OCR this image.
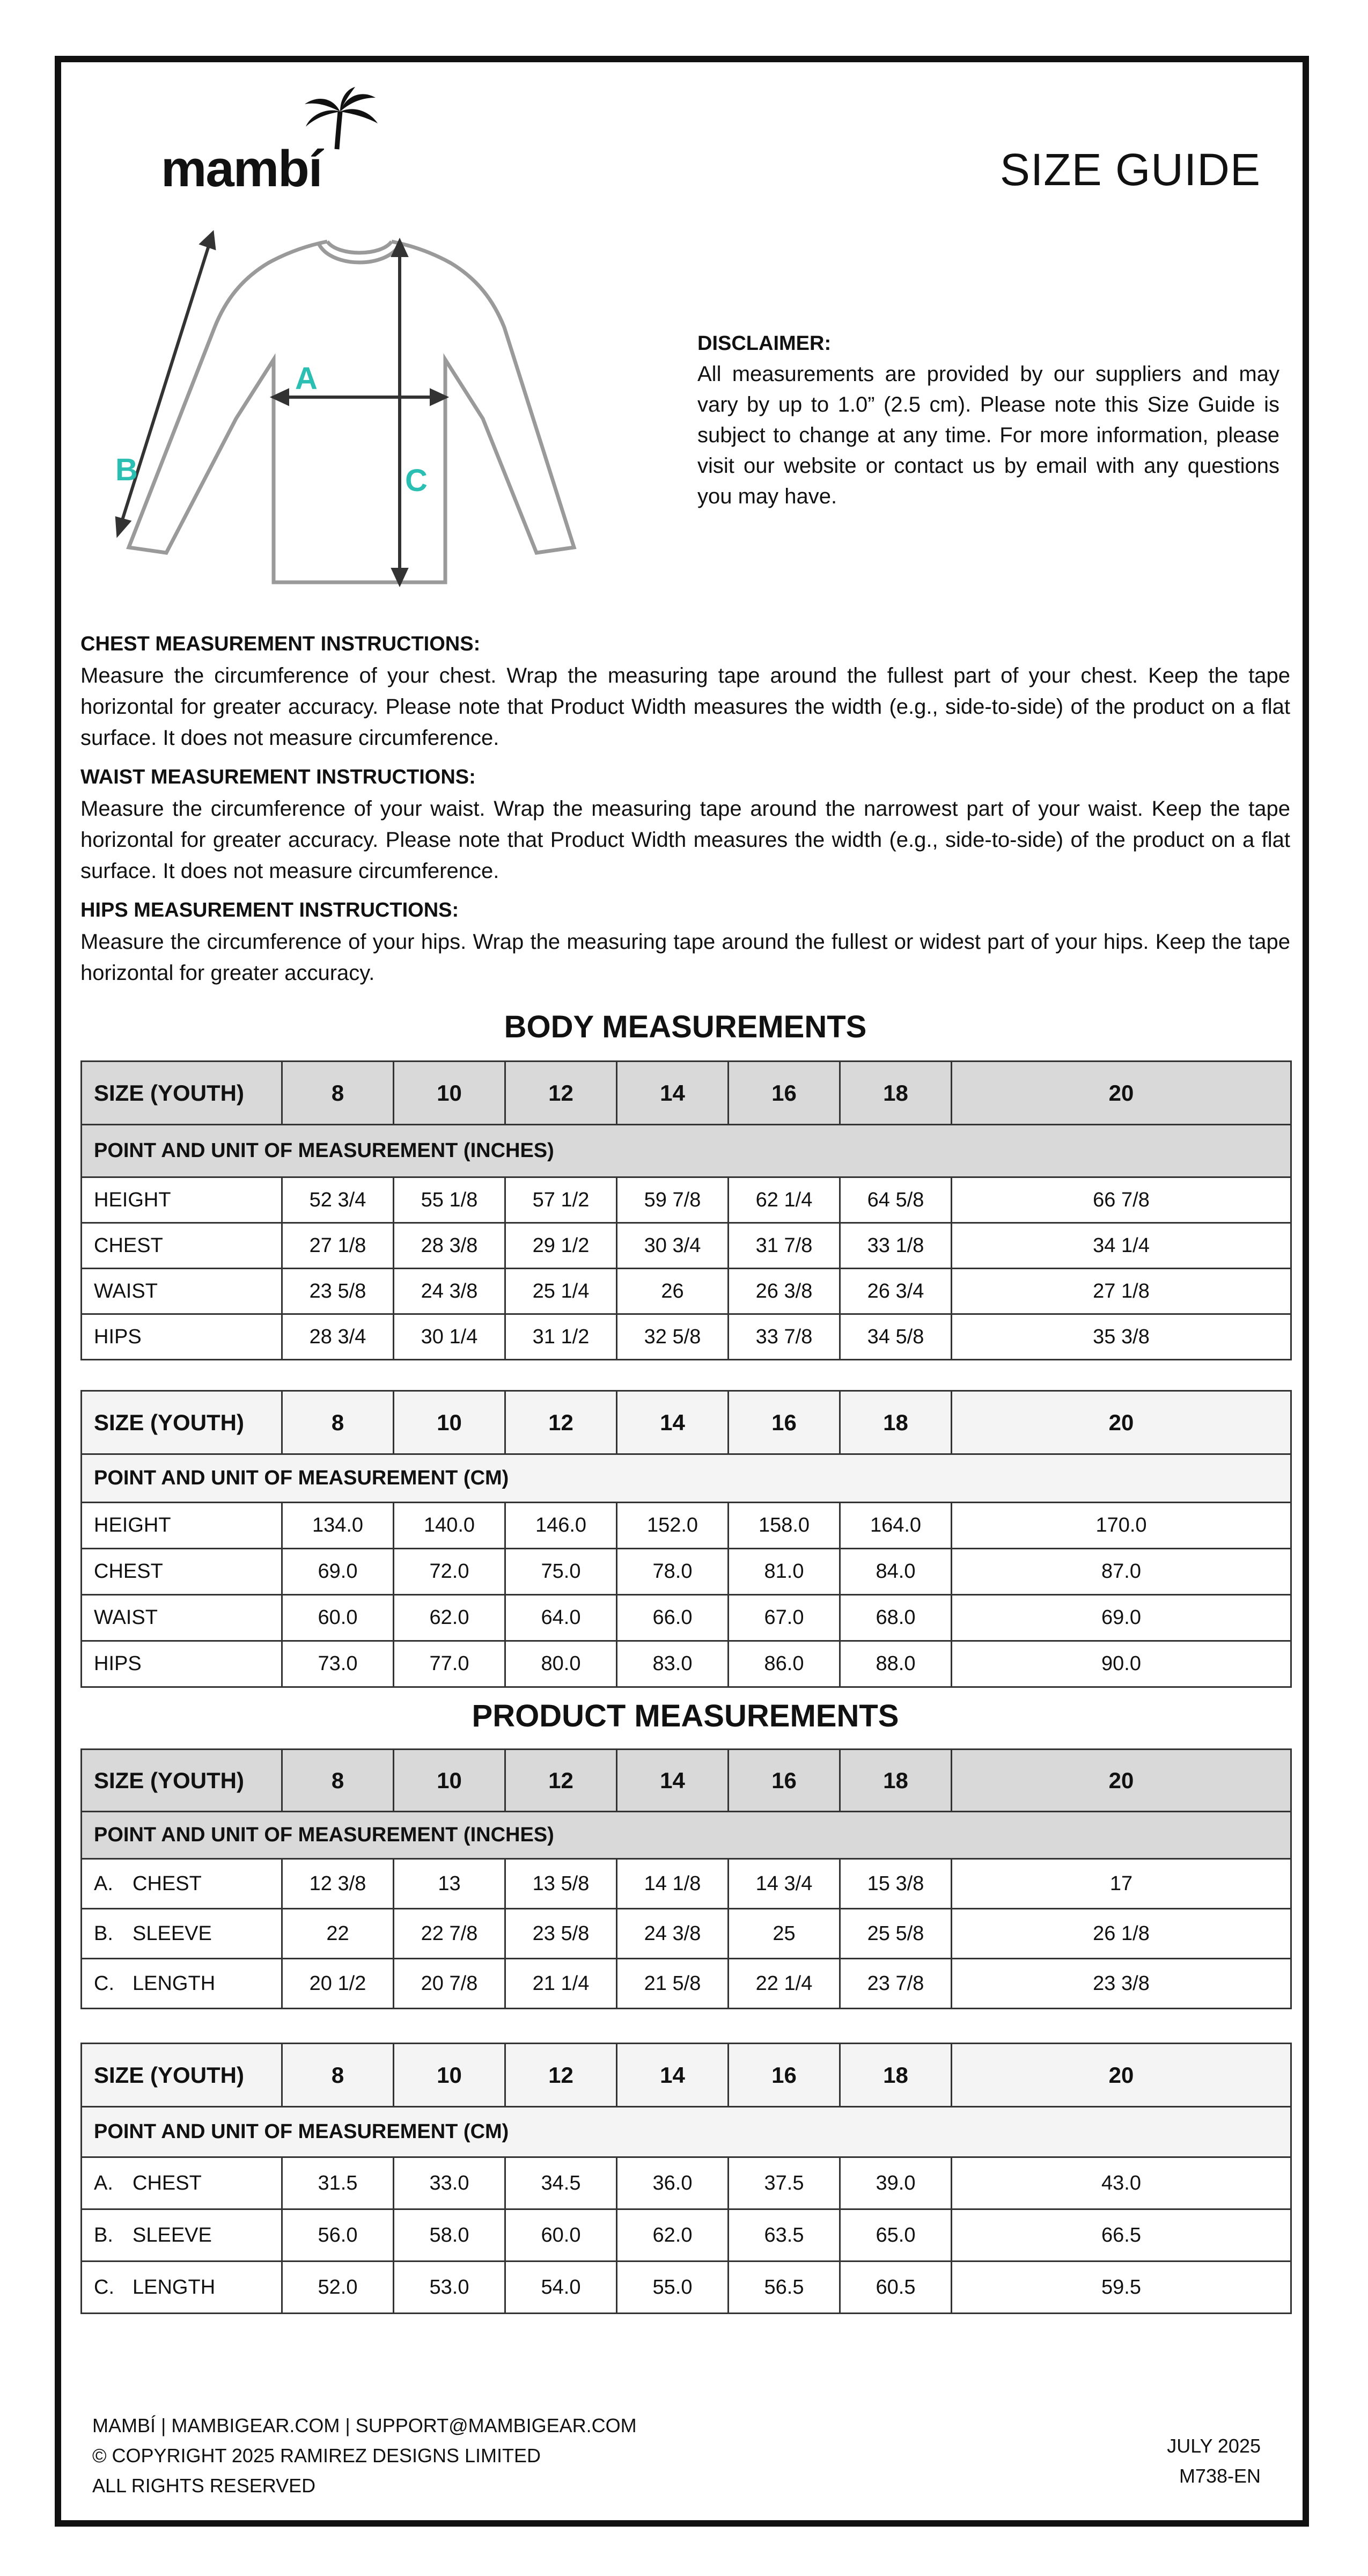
mambí	SIZE GUIDE
A
B	C
DISCLAIMER:
All measurements are provided by our suppliers and may vary by up to 1.0” (2.5 cm). Please note this Size Guide is subject to change at any time. For more information, please visit our website or contact us by email with any questions you may have.
CHEST MEASUREMENT INSTRUCTIONS:

Measure the circumference of your chest. Wrap the measuring tape around the fullest part of your chest. Keep the tape horizontal for greater accuracy. Please note that Product Width measures the width (e.g., side-to-side) of the product on a flat surface. It does not measure circumference.

WAIST MEASUREMENT INSTRUCTIONS:

Measure the circumference of your waist. Wrap the measuring tape around the narrowest part of your waist. Keep the tape horizontal for greater accuracy. Please note that Product Width measures the width (e.g., side-to-side) of the product on a flat surface. It does not measure circumference.

HIPS MEASUREMENT INSTRUCTIONS:

Measure the circumference of your hips. Wrap the measuring tape around the fullest or widest part of your hips. Keep the tape horizontal for greater accuracy.

BODY MEASUREMENTS
SIZE (YOUTH)	8	10	12	14	16	18	20
POINT AND UNIT OF MEASUREMENT (INCHES)							
HEIGHT	52 3/4	55 1/8	57 1/2	59 7/8	62 1/4	64 5/8	66 7/8
CHEST	27 1/8	28 3/8	29 1/2	30 3/4	31 7/8	33 1/8	34 1/4
WAIST	23 5/8	24 3/8	25 1/4	26	26 3/8	26 3/4	27 1/8
HIPS	28 3/4	30 1/4	31 1/2	32 5/8	33 7/8	34 5/8	35 3/8
SIZE (YOUTH)	8	10	12	14	16	18	20
POINT AND UNIT OF MEASUREMENT (CM)							
HEIGHT	134.0	140.0	146.0	152.0	158.0	164.0	170.0
CHEST	69.0	72.0	75.0	78.0	81.0	84.0	87.0
WAIST	60.0	62.0	64.0	66.0	67.0	68.0	69.0
HIPS	73.0	77.0	80.0	83.0	86.0	88.0	90.0
PRODUCT MEASUREMENTS
SIZE (YOUTH)	8	10	12	14	16	18	20
POINT AND UNIT OF MEASUREMENT (INCHES)							
A. CHEST	12 3/8	13	13 5/8	14 1/8	14 3/4	15 3/8	17
B. SLEEVE	22	22 7/8	23 5/8	24 3/8	25	25 5/8	26 1/8
C. LENGTH	20 1/2	20 7/8	21 1/4	21 5/8	22 1/4	23 7/8	23 3/8
SIZE (YOUTH)	8	10	12	14	16	18	20
POINT AND UNIT OF MEASUREMENT (CM)							
A. CHEST	31.5	33.0	34.5	36.0	37.5	39.0	43.0
B. SLEEVE	56.0	58.0	60.0	62.0	63.5	65.0	66.5
C. LENGTH	52.0	53.0	54.0	55.0	56.5	60.5	59.5
MAMBÍ | MAMBIGEAR.COM | SUPPORT@MAMBIGEAR.COM
© COPYRIGHT 2025 RAMIREZ DESIGNS LIMITED
ALL RIGHTS RESERVED
JULY 2025
M738-EN
